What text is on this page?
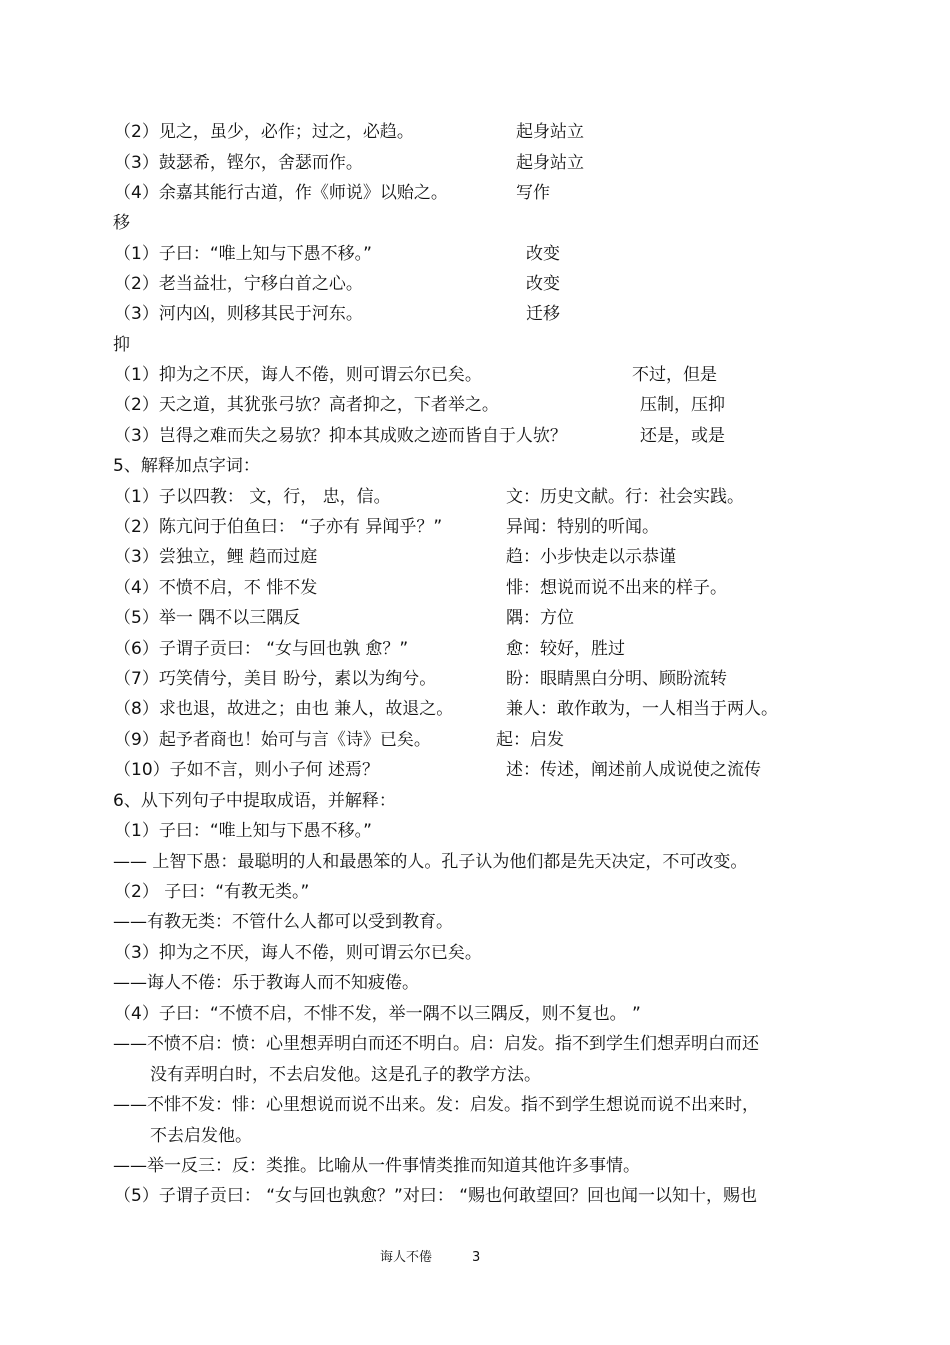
（2）见之，虽少，必作；过之，必趋。	起身站立
（3）鼓瑟希，铿尔，舍瑟而作。	起身站立
（4）余嘉其能行古道，作《师说》以贻之。	写作
移
（1）子曰：“唯上知与下愚不移。”	改变
（2）老当益壮，宁移白首之心。	改变
（3）河内凶，则移其民于河东。	迁移
抑
（1）抑为之不厌，诲人不倦，则可谓云尔已矣。	不过，但是
（2）天之道，其犹张弓欤？高者抑之，下者举之。	压制，压抑
（3）岂得之难而失之易欤？抑本其成败之迹而皆自于人欤？	还是，或是
5、解释加点字词：
（1）子以四教： 文，行， 忠，信。	文：历史文献。行：社会实践。
（2）陈亢问于伯鱼曰： “子亦有 异闻乎？”	异闻：特别的听闻。
（3）尝独立，鲤 趋而过庭	趋：小步快走以示恭谨
（4）不愤不启，不 悱不发	悱：想说而说不出来的样子。
（5）举一 隅不以三隅反	隅：方位
（6）子谓子贡曰： “女与回也孰 愈？”	愈：较好，胜过
（7）巧笑倩兮，美目 盼兮，素以为绚兮。	盼：眼睛黑白分明、顾盼流转
（8）求也退，故进之；由也 兼人，故退之。	兼人：敢作敢为，一人相当于两人。
（9）起予者商也！始可与言《诗》已矣。	起：启发
（10）子如不言，则小子何 述焉？	述：传述，阐述前人成说使之流传
6、从下列句子中提取成语，并解释：
（1）子曰：“唯上知与下愚不移。”
—— 上智下愚：最聪明的人和最愚笨的人。孔子认为他们都是先天决定，不可改变。
（2） 子曰：“有教无类。”
——有教无类：不管什么人都可以受到教育。
（3）抑为之不厌，诲人不倦，则可谓云尔已矣。
——诲人不倦：乐于教诲人而不知疲倦。
（4）子曰：“不愤不启，不悱不发，举一隅不以三隅反，则不复也。 ”
——不愤不启：愤：心里想弄明白而还不明白。启：启发。指不到学生们想弄明白而还
没有弄明白时，不去启发他。这是孔子的教学方法。
——不悱不发：悱：心里想说而说不出来。发：启发。指不到学生想说而说不出来时，
不去启发他。
——举一反三：反：类推。比喻从一件事情类推而知道其他许多事情。
（5）子谓子贡曰： “女与回也孰愈？”对曰： “赐也何敢望回？回也闻一以知十，赐也
诲人不倦	3
